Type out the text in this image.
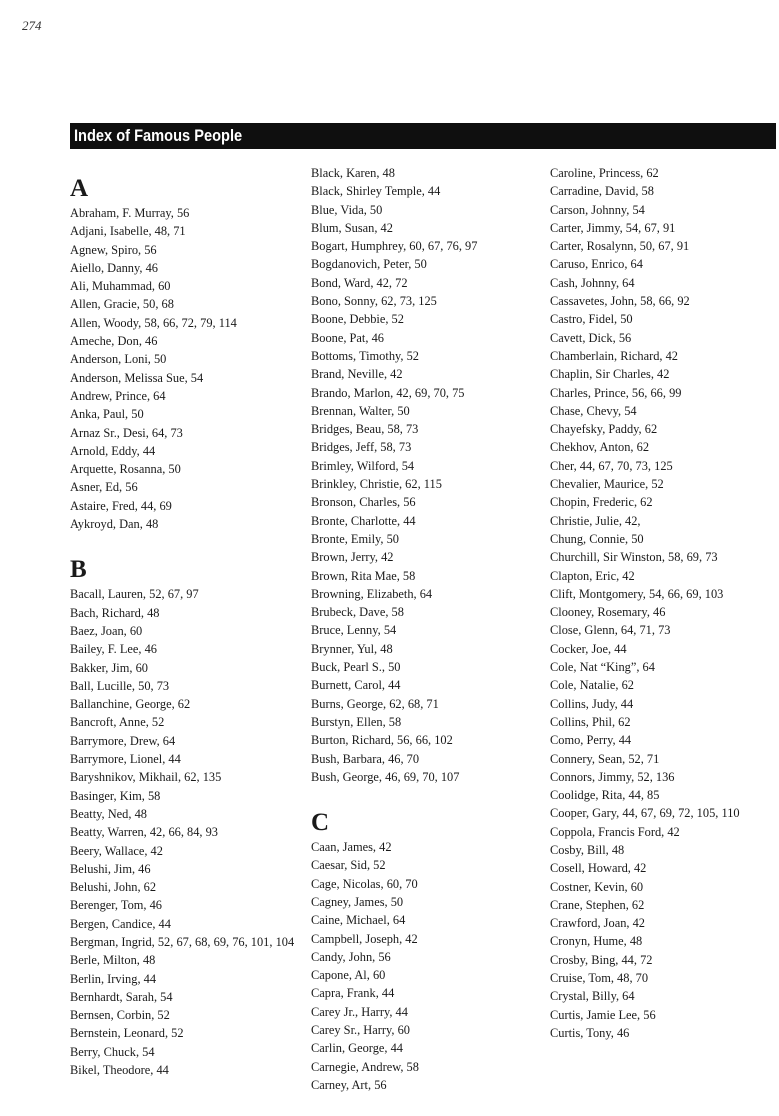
274
Index of Famous People
A
Abraham, F. Murray, 56
Adjani, Isabelle, 48, 71
Agnew, Spiro, 56
Aiello, Danny, 46
Ali, Muhammad, 60
Allen, Gracie, 50, 68
Allen, Woody, 58, 66, 72, 79, 114
Ameche, Don, 46
Anderson, Loni, 50
Anderson, Melissa Sue, 54
Andrew, Prince, 64
Anka, Paul, 50
Arnaz Sr., Desi, 64, 73
Arnold, Eddy, 44
Arquette, Rosanna, 50
Asner, Ed, 56
Astaire, Fred, 44, 69
Aykroyd, Dan, 48
B
Bacall, Lauren, 52, 67, 97
Bach, Richard, 48
Baez, Joan, 60
Bailey, F. Lee, 46
Bakker, Jim, 60
Ball, Lucille, 50, 73
Ballanchine, George, 62
Bancroft, Anne, 52
Barrymore, Drew, 64
Barrymore, Lionel, 44
Baryshnikov, Mikhail, 62, 135
Basinger, Kim, 58
Beatty, Ned, 48
Beatty, Warren, 42, 66, 84, 93
Beery, Wallace, 42
Belushi, Jim, 46
Belushi, John, 62
Berenger, Tom, 46
Bergen, Candice, 44
Bergman, Ingrid, 52, 67, 68, 69, 76, 101, 104
Berle, Milton, 48
Berlin, Irving, 44
Bernhardt, Sarah, 54
Bernsen, Corbin, 52
Bernstein, Leonard, 52
Berry, Chuck, 54
Bikel, Theodore, 44
Black, Karen, 48
Black, Shirley Temple, 44
Blue, Vida, 50
Blum, Susan, 42
Bogart, Humphrey, 60, 67, 76, 97
Bogdanovich, Peter, 50
Bond, Ward, 42, 72
Bono, Sonny, 62, 73, 125
Boone, Debbie, 52
Boone, Pat, 46
Bottoms, Timothy, 52
Brand, Neville, 42
Brando, Marlon, 42, 69, 70, 75
Brennan, Walter, 50
Bridges, Beau, 58, 73
Bridges, Jeff, 58, 73
Brimley, Wilford, 54
Brinkley, Christie, 62, 115
Bronson, Charles, 56
Bronte, Charlotte, 44
Bronte, Emily, 50
Brown, Jerry, 42
Brown, Rita Mae, 58
Browning, Elizabeth, 64
Brubeck, Dave, 58
Bruce, Lenny, 54
Brynner, Yul, 48
Buck, Pearl S., 50
Burnett, Carol, 44
Burns, George, 62, 68, 71
Burstyn, Ellen, 58
Burton, Richard, 56, 66, 102
Bush, Barbara, 46, 70
Bush, George, 46, 69, 70, 107
C
Caan, James, 42
Caesar, Sid, 52
Cage, Nicolas, 60, 70
Cagney, James, 50
Caine, Michael, 64
Campbell, Joseph, 42
Candy, John, 56
Capone, Al, 60
Capra, Frank, 44
Carey Jr., Harry, 44
Carey Sr., Harry, 60
Carlin, George, 44
Carnegie, Andrew, 58
Carney, Art, 56
Caroline, Princess, 62
Carradine, David, 58
Carson, Johnny, 54
Carter, Jimmy, 54, 67, 91
Carter, Rosalynn, 50, 67, 91
Caruso, Enrico, 64
Cash, Johnny, 64
Cassavetes, John, 58, 66, 92
Castro, Fidel, 50
Cavett, Dick, 56
Chamberlain, Richard, 42
Chaplin, Sir Charles, 42
Charles, Prince, 56, 66, 99
Chase, Chevy, 54
Chayefsky, Paddy, 62
Chekhov, Anton, 62
Cher, 44, 67, 70, 73, 125
Chevalier, Maurice, 52
Chopin, Frederic, 62
Christie, Julie, 42,
Chung, Connie, 50
Churchill, Sir Winston, 58, 69, 73
Clapton, Eric, 42
Clift, Montgomery, 54, 66, 69, 103
Clooney, Rosemary, 46
Close, Glenn, 64, 71, 73
Cocker, Joe, 44
Cole, Nat “King”, 64
Cole, Natalie, 62
Collins, Judy, 44
Collins, Phil, 62
Como, Perry, 44
Connery, Sean, 52, 71
Connors, Jimmy, 52, 136
Coolidge, Rita, 44, 85
Cooper, Gary, 44, 67, 69, 72, 105, 110
Coppola, Francis Ford, 42
Cosby, Bill, 48
Cosell, Howard, 42
Costner, Kevin, 60
Crane, Stephen, 62
Crawford, Joan, 42
Cronyn, Hume, 48
Crosby, Bing, 44, 72
Cruise, Tom, 48, 70
Crystal, Billy, 64
Curtis, Jamie Lee, 56
Curtis, Tony, 46
